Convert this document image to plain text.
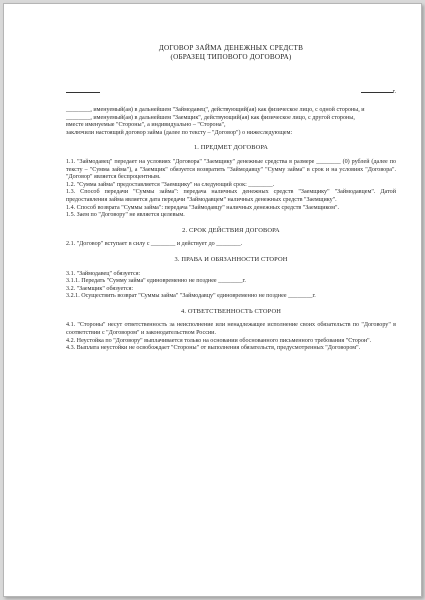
ДОГОВОР ЗАЙМА ДЕНЕЖНЫХ СРЕДСТВ
(ОБРАЗЕЦ ТИПОВОГО ДОГОВОРА)
г.

________, именуемый(ая) в дальнейшем "Займодавец", действующий(ая) как физическое лицо, с одной стороны, и

________, именуемый(ая) в дальнейшем "Заемщик", действующий(ая) как физическое лицо, с другой стороны,

вместе именуемые "Стороны", а индивидуально – "Сторона",

заключили настоящий договор займа (далее по тексту – "Договор") о нижеследующем:

1. ПРЕДМЕТ ДОГОВОРА

1.1. "Займодавец" передает на условиях "Договора" "Заемщику" денежные средства в размере ________ (0) рублей (далее по тексту – "Сумма займа"), а "Заемщик" обязуется возвратить "Займодавцу" "Сумму займа" в срок и на условиях "Договора". "Договор" является беспроцентным.

1.2. "Сумма займа" предоставляется "Заемщику" на следующий срок: ________.

1.3. Способ передачи "Суммы займа": передача наличных денежных средств "Заемщику" "Займодавцем". Датой предоставления займа является дата передачи "Займодавцем" наличных денежных средств "Заемщику".

1.4. Способ возврата "Суммы займа": передача "Займодавцу" наличных денежных средств "Заемщиком".

1.5. Заем по "Договору" не является целевым.

2. СРОК ДЕЙСТВИЯ ДОГОВОРА

2.1. "Договор" вступает в силу с ________ и действует до ________.

3. ПРАВА И ОБЯЗАННОСТИ СТОРОН

3.1. "Займодавец" обязуется:

3.1.1. Передать "Сумму займа" единовременно не позднее ________г.

3.2. "Заемщик" обязуется:

3.2.1. Осуществить возврат "Суммы займа" "Займодавцу" единовременно не позднее ________г.

4. ОТВЕТСТВЕННОСТЬ СТОРОН

4.1. "Стороны" несут ответственность за неисполнение или ненадлежащее исполнение своих обязательств по "Договору" в соответствии с "Договором" и законодательством России.

4.2. Неустойка по "Договору" выплачивается только на основании обоснованного письменного требования "Сторон".

4.3. Выплата неустойки не освобождает "Стороны" от выполнения обязательств, предусмотренных "Договором".
